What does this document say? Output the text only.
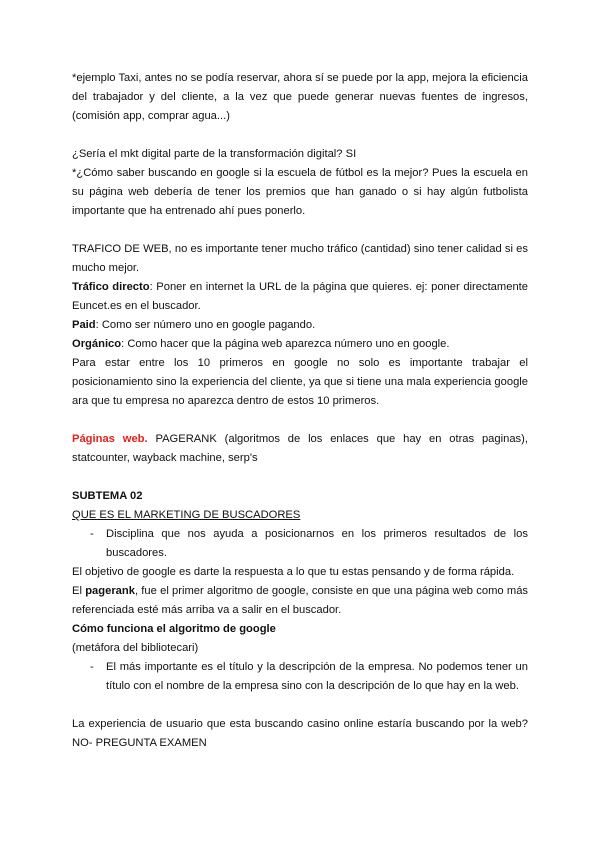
*ejemplo Taxi, antes no se podía reservar, ahora sí se puede por la app, mejora la eficiencia del trabajador y del cliente, a la vez que puede generar nuevas fuentes de ingresos, (comisión app, comprar agua...)

¿Sería el mkt digital parte de la transformación digital? SI

*¿Cómo saber buscando en google si la escuela de fútbol es la mejor? Pues la escuela en su página web debería de tener los premios que han ganado o si hay algún futbolista importante que ha entrenado ahí pues ponerlo.

TRAFICO DE WEB, no es importante tener mucho tráfico (cantidad) sino tener calidad si es mucho mejor.

Tráfico directo: Poner en internet la URL de la página que quieres. ej: poner directamente Euncet.es en el buscador.

Paid: Como ser número uno en google pagando.

Orgánico: Como hacer que la página web aparezca número uno en google.

Para estar entre los 10 primeros en google no solo es importante trabajar el posicionamiento sino la experiencia del cliente, ya que si tiene una mala experiencia google ara que tu empresa no aparezca dentro de estos 10 primeros.

Páginas web. PAGERANK (algoritmos de los enlaces que hay en otras paginas), statcounter, wayback machine, serp's

SUBTEMA 02

QUE ES EL MARKETING DE BUSCADORES

- Disciplina que nos ayuda a posicionarnos en los primeros resultados de los buscadores.

El objetivo de google es darte la respuesta a lo que tu estas pensando y de forma rápida.

El pagerank, fue el primer algoritmo de google, consiste en que una página web como más referenciada esté más arriba va a salir en el buscador.

Cómo funciona el algoritmo de google

(metáfora del bibliotecari)

- El más importante es el título y la descripción de la empresa. No podemos tener un título con el nombre de la empresa sino con la descripción de lo que hay en la web.

La experiencia de usuario que esta buscando casino online estaría buscando por la web? NO- PREGUNTA EXAMEN
